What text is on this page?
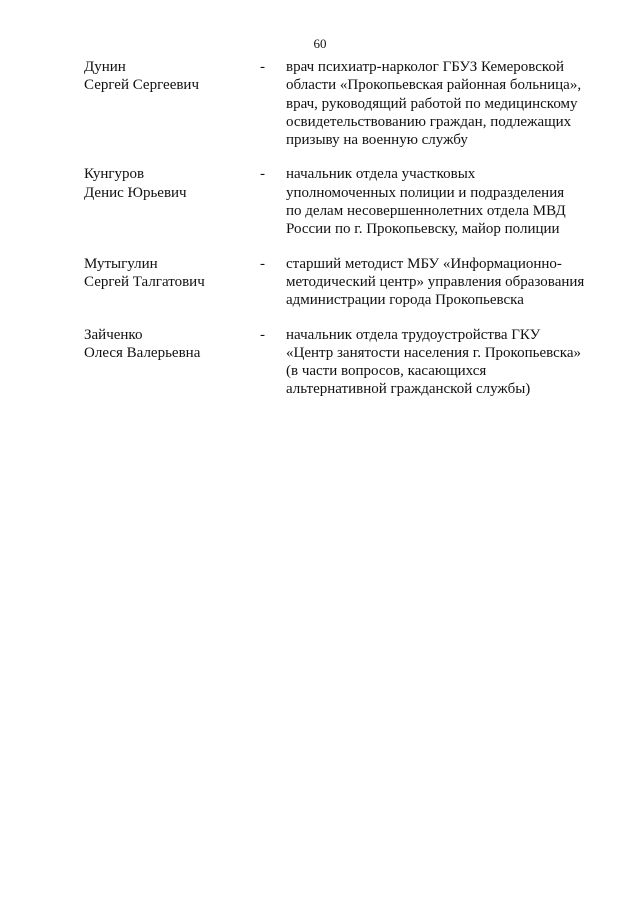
60
Дунин
Сергей Сергеевич
-	врач психиатр-нарколог ГБУЗ Кемеровской
области «Прокопьевская районная больница»,
врач, руководящий работой по медицинскому
освидетельствованию граждан, подлежащих
призыву на военную службу
Кунгуров
Денис Юрьевич
-	начальник отдела участковых
уполномоченных полиции и подразделения
по делам несовершеннолетних отдела МВД
России по г. Прокопьевску, майор полиции
Мутыгулин
Сергей Талгатович
-	старший методист МБУ «Информационно-
методический центр» управления образования
администрации города Прокопьевска
Зайченко
Олеся Валерьевна
-	начальник отдела трудоустройства ГКУ
«Центр занятости населения г. Прокопьевска»
(в части вопросов, касающихся
альтернативной гражданской службы)
